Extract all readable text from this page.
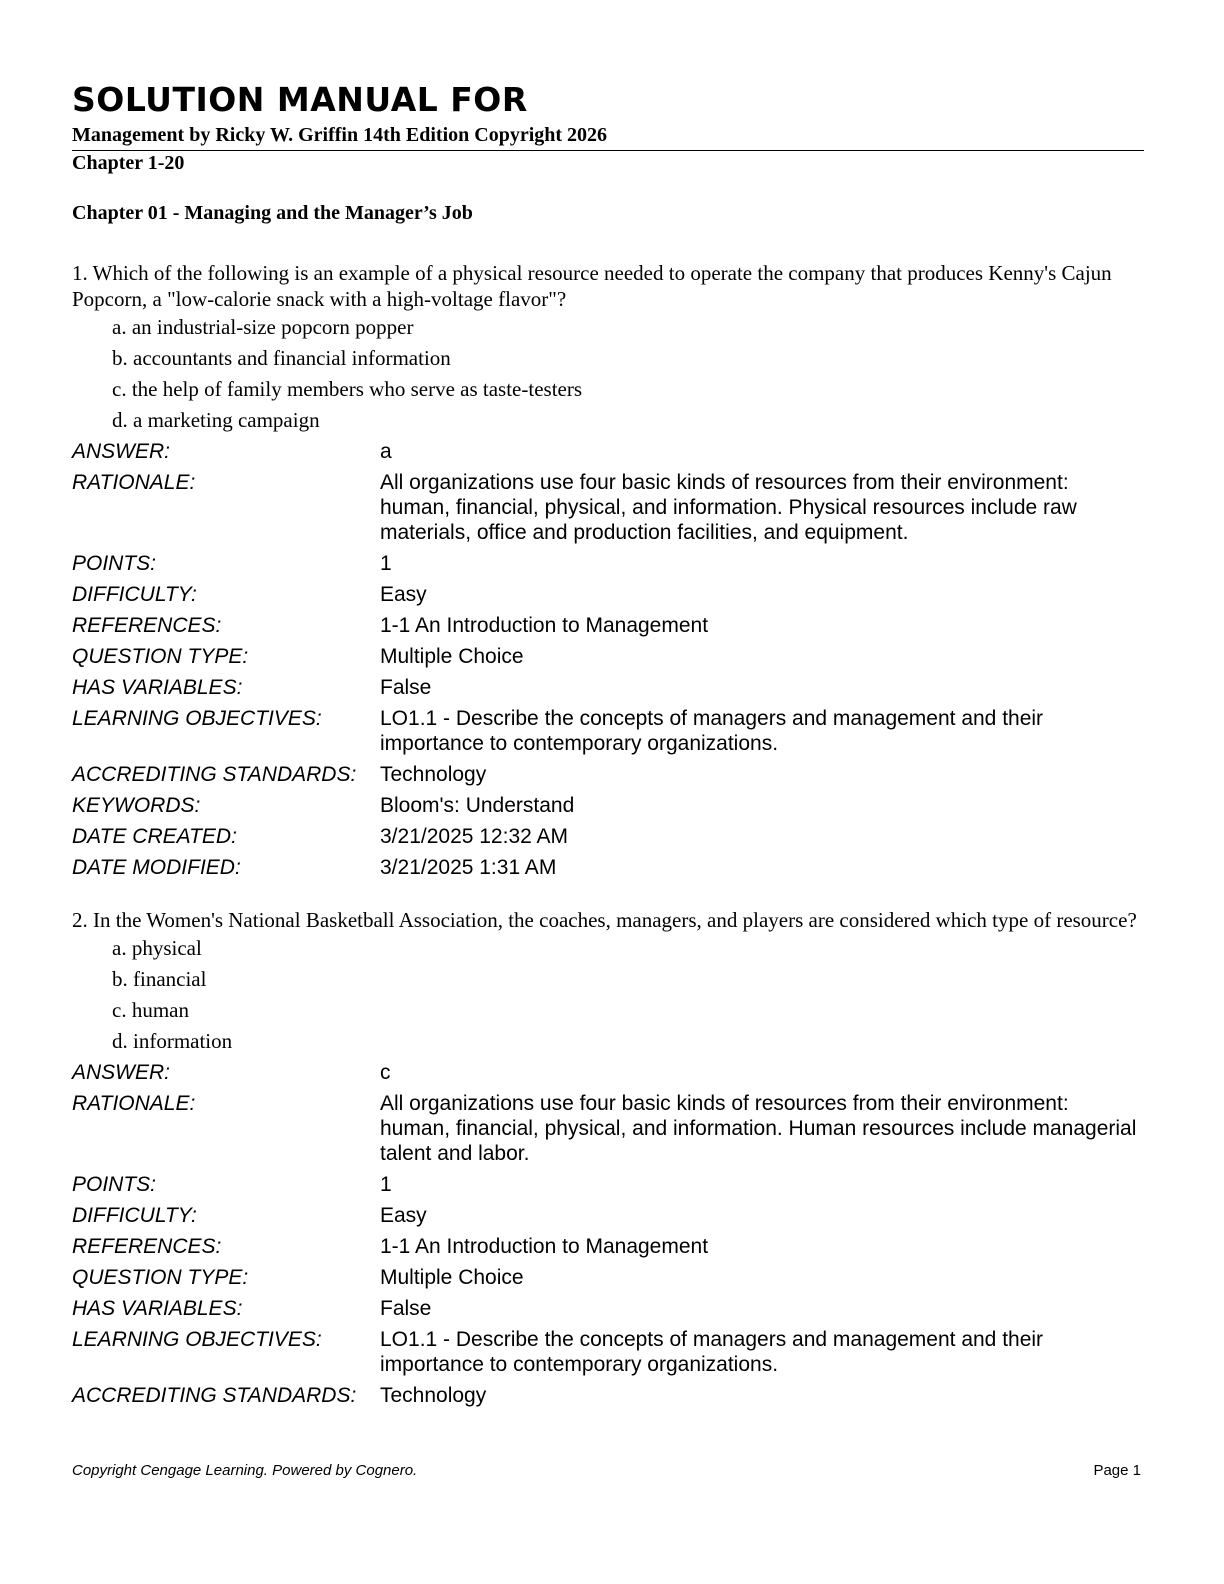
SOLUTION MANUAL FOR
Management by Ricky W. Griffin 14th Edition Copyright 2026
Chapter 1-20
Chapter 01 - Managing and the Manager’s Job

1. Which of the following is an example of a physical resource needed to operate the company that produces Kenny's Cajun Popcorn, a "low-calorie snack with a high-voltage flavor"?

a. an industrial-size popcorn popper
b. accountants and financial information
c. the help of family members who serve as taste-testers
d. a marketing campaign
ANSWER:	a
RATIONALE:	All organizations use four basic kinds of resources from their environment: human, financial, physical, and information. Physical resources include raw materials, office and production facilities, and equipment.
POINTS:	1
DIFFICULTY:	Easy
REFERENCES:	1-1 An Introduction to Management
QUESTION TYPE:	Multiple Choice
HAS VARIABLES:	False
LEARNING OBJECTIVES:	LO1.1 - Describe the concepts of managers and management and their importance to contemporary organizations.
ACCREDITING STANDARDS:	Technology
KEYWORDS:	Bloom's: Understand
DATE CREATED:	3/21/2025 12:32 AM
DATE MODIFIED:	3/21/2025 1:31 AM

2. In the Women's National Basketball Association, the coaches, managers, and players are considered which type of resource?

a. physical
b. financial
c. human
d. information
ANSWER:	c
RATIONALE:	All organizations use four basic kinds of resources from their environment: human, financial, physical, and information. Human resources include managerial talent and labor.
POINTS:	1
DIFFICULTY:	Easy
REFERENCES:	1-1 An Introduction to Management
QUESTION TYPE:	Multiple Choice
HAS VARIABLES:	False
LEARNING OBJECTIVES:	LO1.1 - Describe the concepts of managers and management and their importance to contemporary organizations.
ACCREDITING STANDARDS:	Technology
Copyright Cengage Learning. Powered by Cognero.	Page 1
